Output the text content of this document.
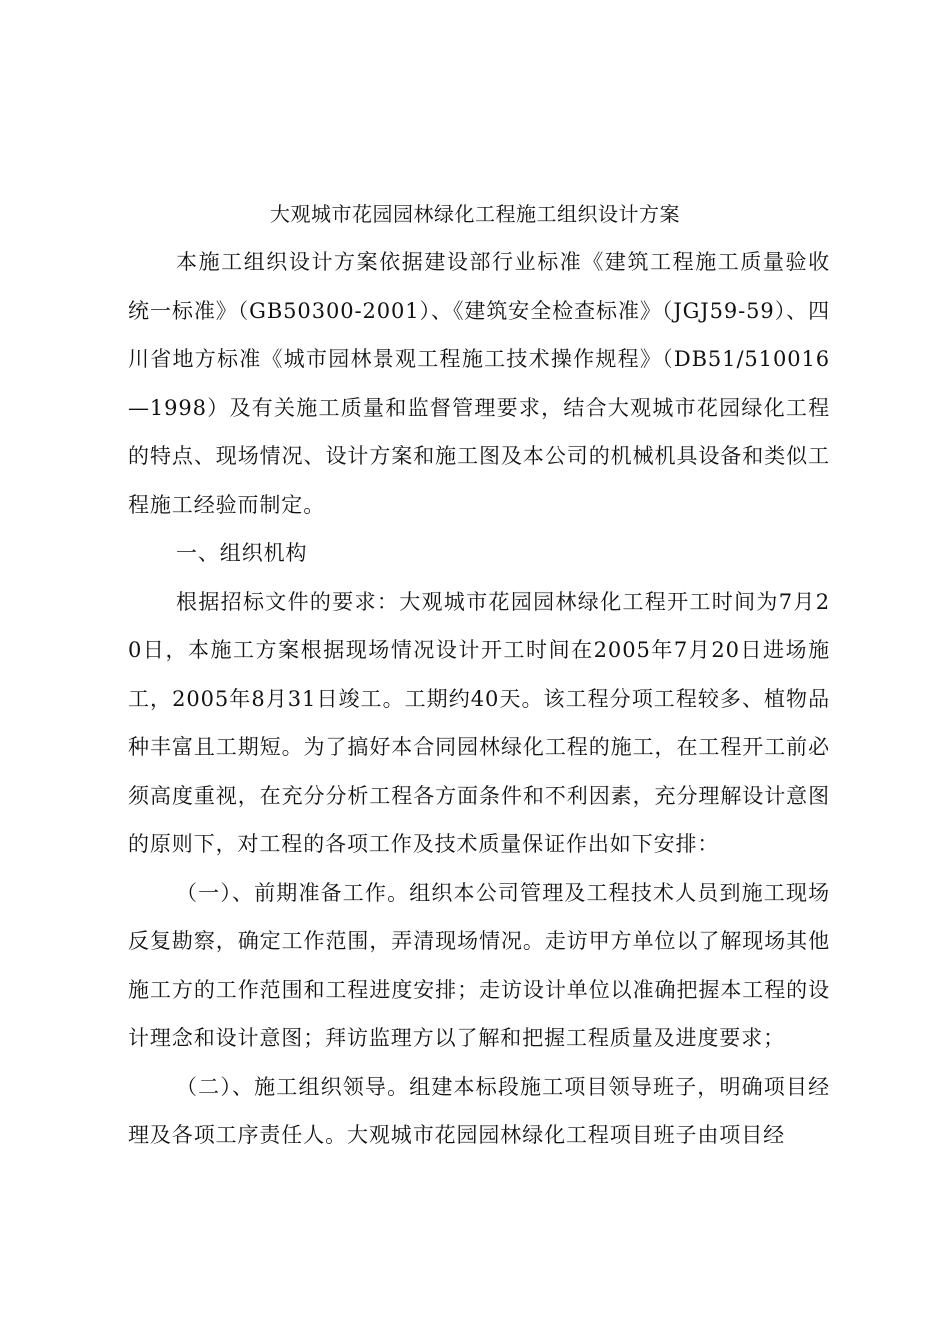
大观城市花园园林绿化工程施工组织设计方案

本施工组织设计方案依据建设部行业标准《建筑工程施工质量验收统一标准》（GB50300-2001）、《建筑安全检查标准》（JGJ59-59）、四川省地方标准《城市园林景观工程施工技术操作规程》（DB51/510016—1998）及有关施工质量和监督管理要求，结合大观城市花园绿化工程的特点、现场情况、设计方案和施工图及本公司的机械机具设备和类似工程施工经验而制定。

一、组织机构

根据招标文件的要求：大观城市花园园林绿化工程开工时间为7月20日，本施工方案根据现场情况设计开工时间在2005年7月20日进场施工，2005年8月31日竣工。工期约40天。该工程分项工程较多、植物品种丰富且工期短。为了搞好本合同园林绿化工程的施工，在工程开工前必须高度重视，在充分分析工程各方面条件和不利因素，充分理解设计意图的原则下，对工程的各项工作及技术质量保证作出如下安排：

（一）、前期准备工作。组织本公司管理及工程技术人员到施工现场反复勘察，确定工作范围，弄清现场情况。走访甲方单位以了解现场其他施工方的工作范围和工程进度安排；走访设计单位以准确把握本工程的设计理念和设计意图；拜访监理方以了解和把握工程质量及进度要求；

（二）、施工组织领导。组建本标段施工项目领导班子，明确项目经理及各项工序责任人。大观城市花园园林绿化工程项目班子由项目经
